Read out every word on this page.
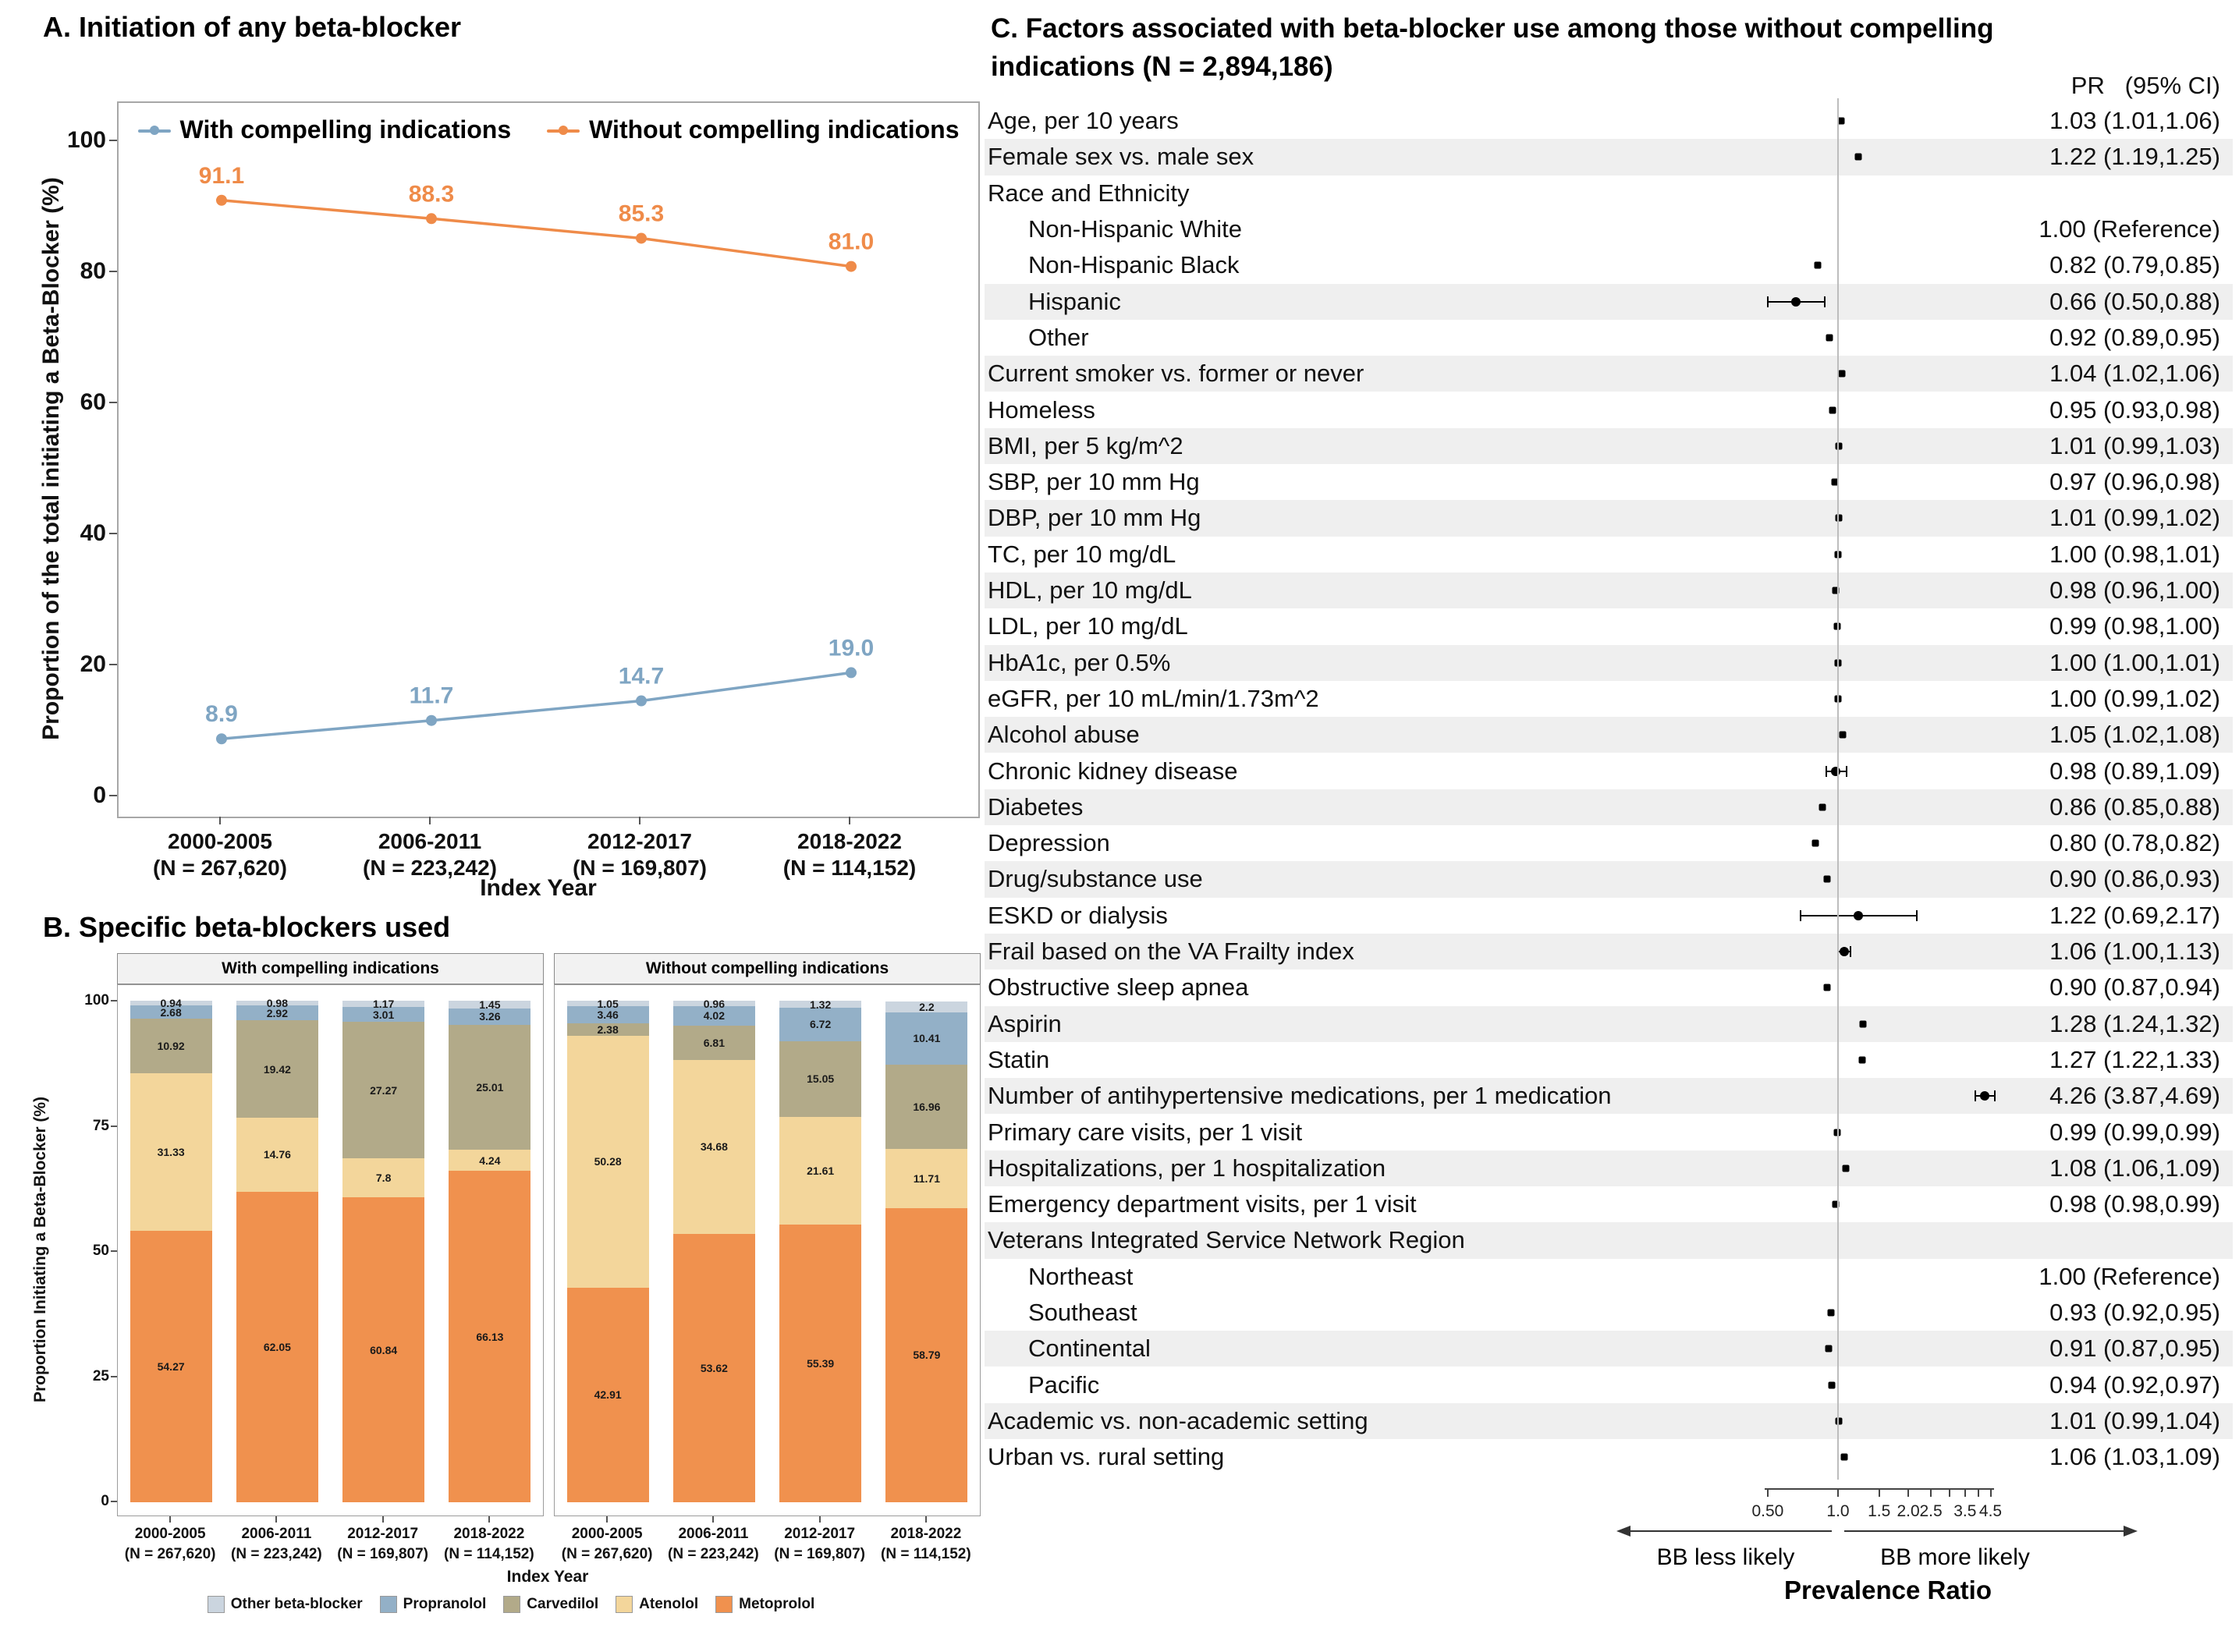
A. Initiation of any beta-blocker
Proportion of the total initiating a Beta-Blocker (%)
With compelling indications	Without compelling indications
8.9
11.7
14.7
19.0
91.1
88.3
85.3
81.0
Index Year
0
20
40
60
80
100
2000-2005
(N = 267,620)
2006-2011
(N = 223,242)
2012-2017
(N = 169,807)
2018-2022
(N = 114,152)
B. Specific beta-blockers used
Proportion Initiating a Beta-Blocker (%)
Index Year
Other beta-blocker	Propranolol	Carvedilol	Atenolol	Metoprolol
With compelling indications
54.27
31.33
10.92
2.68
0.94
62.05
14.76
19.42
2.92
0.98
60.84
7.8
27.27
3.01
1.17
66.13
4.24
25.01
3.26
1.45
2000-2005
(N = 267,620)
2006-2011
(N = 223,242)
2012-2017
(N = 169,807)
2018-2022
(N = 114,152)
Without compelling indications
42.91
50.28
2.38
3.46
1.05
53.62
34.68
6.81
4.02
0.96
55.39
21.61
15.05
6.72
1.32
58.79
11.71
16.96
10.41
2.2
2000-2005
(N = 267,620)
2006-2011
(N = 223,242)
2012-2017
(N = 169,807)
2018-2022
(N = 114,152)
0
25
50
75
100
C. Factors associated with beta-blocker use among those without compelling
indications (N = 2,894,186)
PR   (95% CI)
Age, per 10 years	1.03 (1.01,1.06)
Female sex vs. male sex	1.22 (1.19,1.25)
Race and Ethnicity
Non-Hispanic White	1.00 (Reference)
Non-Hispanic Black	0.82 (0.79,0.85)
Hispanic	0.66 (0.50,0.88)
Other	0.92 (0.89,0.95)
Current smoker vs. former or never	1.04 (1.02,1.06)
Homeless	0.95 (0.93,0.98)
BMI, per 5 kg/m^2	1.01 (0.99,1.03)
SBP, per 10 mm Hg	0.97 (0.96,0.98)
DBP, per 10 mm Hg	1.01 (0.99,1.02)
TC, per 10 mg/dL	1.00 (0.98,1.01)
HDL, per 10 mg/dL	0.98 (0.96,1.00)
LDL, per 10 mg/dL	0.99 (0.98,1.00)
HbA1c, per 0.5%	1.00 (1.00,1.01)
eGFR, per 10 mL/min/1.73m^2	1.00 (0.99,1.02)
Alcohol abuse	1.05 (1.02,1.08)
Chronic kidney disease	0.98 (0.89,1.09)
Diabetes	0.86 (0.85,0.88)
Depression	0.80 (0.78,0.82)
Drug/substance use	0.90 (0.86,0.93)
ESKD or dialysis	1.22 (0.69,2.17)
Frail based on the VA Frailty index	1.06 (1.00,1.13)
Obstructive sleep apnea	0.90 (0.87,0.94)
Aspirin	1.28 (1.24,1.32)
Statin	1.27 (1.22,1.33)
Number of antihypertensive medications, per 1 medication	4.26 (3.87,4.69)
Primary care visits, per 1 visit	0.99 (0.99,0.99)
Hospitalizations, per 1 hospitalization	1.08 (1.06,1.09)
Emergency department visits, per 1 visit	0.98 (0.98,0.99)
Veterans Integrated Service Network Region
Northeast	1.00 (Reference)
Southeast	0.93 (0.92,0.95)
Continental	0.91 (0.87,0.95)
Pacific	0.94 (0.92,0.97)
Academic vs. non-academic setting	1.01 (0.99,1.04)
Urban vs. rural setting	1.06 (1.03,1.09)
0.50	1.0 1.5 2.0 2.5 3.5 4.5
BB less likely	BB more likely
Prevalence Ratio
